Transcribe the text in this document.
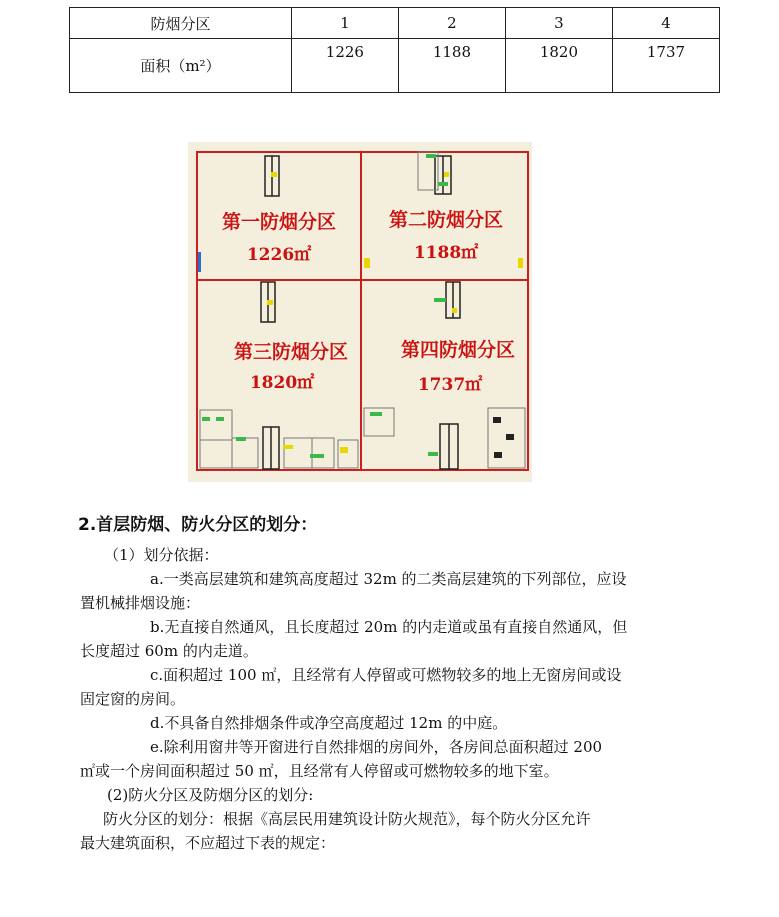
防烟分区	1	2	3	4
面积（m²）	1226	1188	1820	1737
第一防烟分区
1226㎡
第二防烟分区
1188㎡
第三防烟分区
1820㎡
第四防烟分区
1737㎡
2.首层防烟、防火分区的划分：
（1）划分依据：
a.一类高层建筑和建筑高度超过 32m 的二类高层建筑的下列部位，应设
置机械排烟设施：
b.无直接自然通风，且长度超过 20m 的内走道或虽有直接自然通风，但
长度超过 60m 的内走道。
c.面积超过 100 ㎡，且经常有人停留或可燃物较多的地上无窗房间或设
固定窗的房间。
d.不具备自然排烟条件或净空高度超过 12m 的中庭。
e.除利用窗井等开窗进行自然排烟的房间外，各房间总面积超过 200
㎡或一个房间面积超过 50 ㎡，且经常有人停留或可燃物较多的地下室。
(2)防火分区及防烟分区的划分:
防火分区的划分：根据《高层民用建筑设计防火规范》，每个防火分区允许
最大建筑面积，不应超过下表的规定：
